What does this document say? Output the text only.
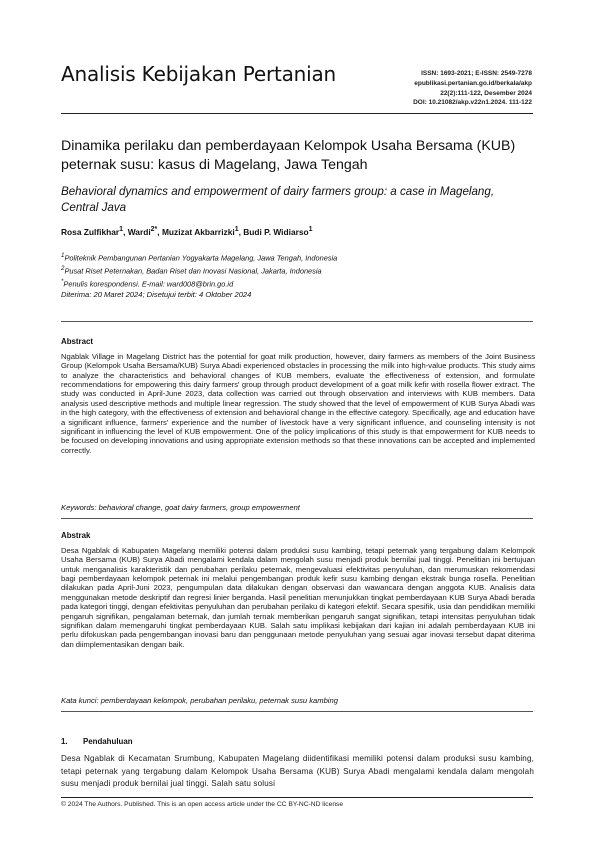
Analisis Kebijakan Pertanian	ISSN: 1693-2021; E-ISSN: 2549-7278
epublikasi.pertanian.go.id/berkala/akp
22(2):111-122, Desember 2024
DOI: 10.21082/akp.v22n1.2024. 111-122
Dinamika perilaku dan pemberdayaan Kelompok Usaha Bersama (KUB) peternak susu: kasus di Magelang, Jawa Tengah
Behavioral dynamics and empowerment of dairy farmers group: a case in Magelang, Central Java
Rosa Zulfikhar$^1$, Wardi$^{2*}$, Muzizat Akbarrizki$^1$, Budi P. Widiarso$^1$
$^1$Politeknik Pembangunan Pertanian Yogyakarta Magelang, Jawa Tengah, Indonesia
$^2$Pusat Riset Peternakan, Badan Riset dan Inovasi Nasional, Jakarta, Indonesia
*Penulis korespondensi. E-mail: ward008@brin.go.id
Diterima: 20 Maret 2024; Disetujui terbit: 4 Oktober 2024
Abstract
Ngablak Village in Magelang District has the potential for goat milk production, however, dairy farmers as members of the Joint Business Group (Kelompok Usaha Bersama/KUB) Surya Abadi experienced obstacles in processing the milk into high-value products. This study aims to analyze the characteristics and behavioral changes of KUB members, evaluate the effectiveness of extension, and formulate recommendations for empowering this dairy farmers' group through product development of a goat milk kefir with rosella flower extract. The study was conducted in April-June 2023, data collection was carried out through observation and interviews with KUB members. Data analysis used descriptive methods and multiple linear regression. The study showed that the level of empowerment of KUB Surya Abadi was in the high category, with the effectiveness of extension and behavioral change in the effective category. Specifically, age and education have a significant influence, farmers' experience and the number of livestock have a very significant influence, and counseling intensity is not significant in influencing the level of KUB empowerment. One of the policy implications of this study is that empowerment for KUB needs to be focused on developing innovations and using appropriate extension methods so that these innovations can be accepted and implemented correctly.
Keywords: behavioral change, goat dairy farmers, group empowerment
Abstrak
Desa Ngablak di Kabupaten Magelang memiliki potensi dalam produksi susu kambing, tetapi peternak yang tergabung dalam Kelompok Usaha Bersama (KUB) Surya Abadi mengalami kendala dalam mengolah susu menjadi produk bernilai jual tinggi. Penelitian ini bertujuan untuk menganalisis karakteristik dan perubahan perilaku peternak, mengevaluasi efektivitas penyuluhan, dan merumuskan rekomendasi bagi pemberdayaan kelompok peternak ini melalui pengembangan produk kefir susu kambing dengan ekstrak bunga rosella. Penelitian dilakukan pada April-Juni 2023, pengumpulan data dilakukan dengan observasi dan wawancara dengan anggota KUB. Analisis data menggunakan metode deskriptif dan regresi linier berganda. Hasil penelitian menunjukkan tingkat pemberdayaan KUB Surya Abadi berada pada kategori tinggi, dengan efektivitas penyuluhan dan perubahan perilaku di kategori efektif. Secara spesifik, usia dan pendidikan memiliki pengaruh signifikan, pengalaman beternak, dan jumlah ternak memberikan pengaruh sangat signifikan, tetapi intensitas penyuluhan tidak signifikan dalam memengaruhi tingkat pemberdayaan KUB. Salah satu implikasi kebijakan dari kajian ini adalah pemberdayaan KUB ini perlu difokuskan pada pengembangan inovasi baru dan penggunaan metode penyuluhan yang sesuai agar inovasi tersebut dapat diterima dan diimplementasikan dengan baik.
Kata kunci: pemberdayaan kelompok, perubahan perilaku, peternak susu kambing
1. Pendahuluan
Desa Ngablak di Kecamatan Srumbung, Kabupaten Magelang diidentifikasi memiliki potensi dalam produksi susu kambing, tetapi peternak yang tergabung dalam Kelompok Usaha Bersama (KUB) Surya Abadi mengalami kendala dalam mengolah susu menjadi produk bernilai jual tinggi. Salah satu solusi
© 2024 The Authors. Published. This is an open access article under the CC BY-NC-ND license
